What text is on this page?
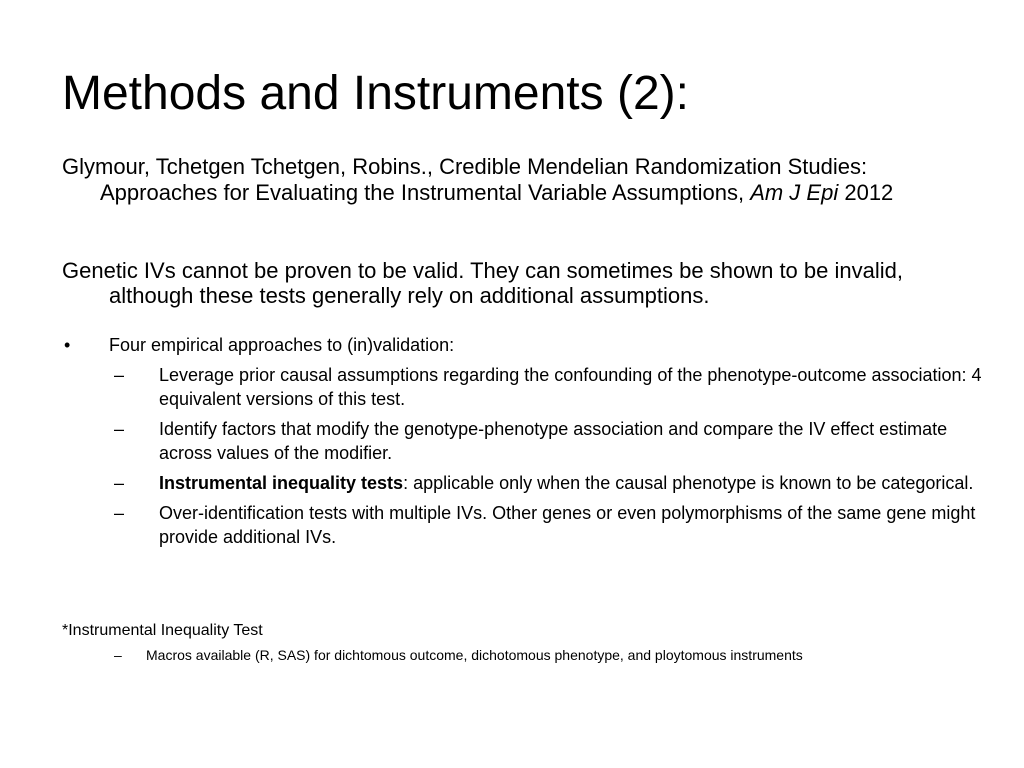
Methods and Instruments (2):
Glymour, Tchetgen Tchetgen, Robins., Credible Mendelian Randomization Studies: Approaches for Evaluating the Instrumental Variable Assumptions, Am J Epi 2012
Genetic IVs cannot be proven to be valid. They can sometimes be shown to be invalid, although these tests generally rely on additional assumptions.
• Four empirical approaches to (in)validation:
– Leverage prior causal assumptions regarding the confounding of the phenotype-outcome association: 4 equivalent versions of this test.
– Identify factors that modify the genotype-phenotype association and compare the IV effect estimate across values of the modifier.
– Instrumental inequality tests: applicable only when the causal phenotype is known to be categorical.
– Over-identification tests with multiple IVs. Other genes or even polymorphisms of the same gene might provide additional IVs.
*Instrumental Inequality Test
– Macros available (R, SAS) for dichtomous outcome, dichotomous phenotype, and ploytomous instruments
